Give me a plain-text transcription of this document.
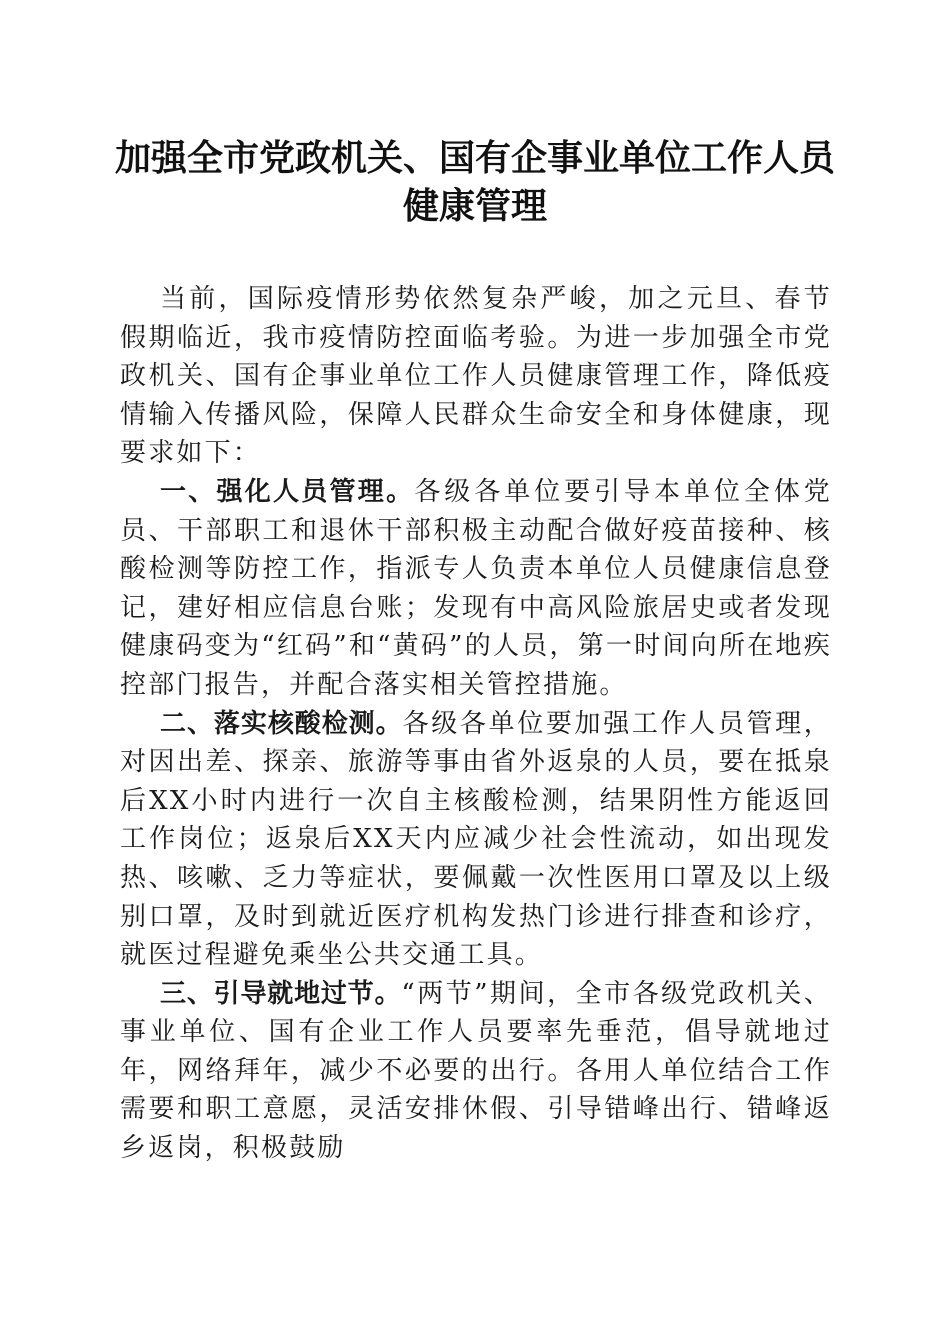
加强全市党政机关、国有企事业单位工作人员
健康管理

当前，国际疫情形势依然复杂严峻，加之元旦、春节假期临近，我市疫情防控面临考验。为进一步加强全市党政机关、国有企事业单位工作人员健康管理工作，降低疫情输入传播风险，保障人民群众生命安全和身体健康，现要求如下：

一、强化人员管理。各级各单位要引导本单位全体党员、干部职工和退休干部积极主动配合做好疫苗接种、核酸检测等防控工作，指派专人负责本单位人员健康信息登记，建好相应信息台账；发现有中高风险旅居史或者发现健康码变为“红码”和“黄码”的人员，第一时间向所在地疾控部门报告，并配合落实相关管控措施。

二、落实核酸检测。各级各单位要加强工作人员管理，对因出差、探亲、旅游等事由省外返泉的人员，要在抵泉后XX小时内进行一次自主核酸检测，结果阴性方能返回工作岗位；返泉后XX天内应减少社会性流动，如出现发热、咳嗽、乏力等症状，要佩戴一次性医用口罩及以上级别口罩，及时到就近医疗机构发热门诊进行排查和诊疗，就医过程避免乘坐公共交通工具。

三、引导就地过节。“两节”期间，全市各级党政机关、事业单位、国有企业工作人员要率先垂范，倡导就地过年，网络拜年，减少不必要的出行。各用人单位结合工作需要和职工意愿，灵活安排休假、引导错峰出行、错峰返乡返岗，积极鼓励
